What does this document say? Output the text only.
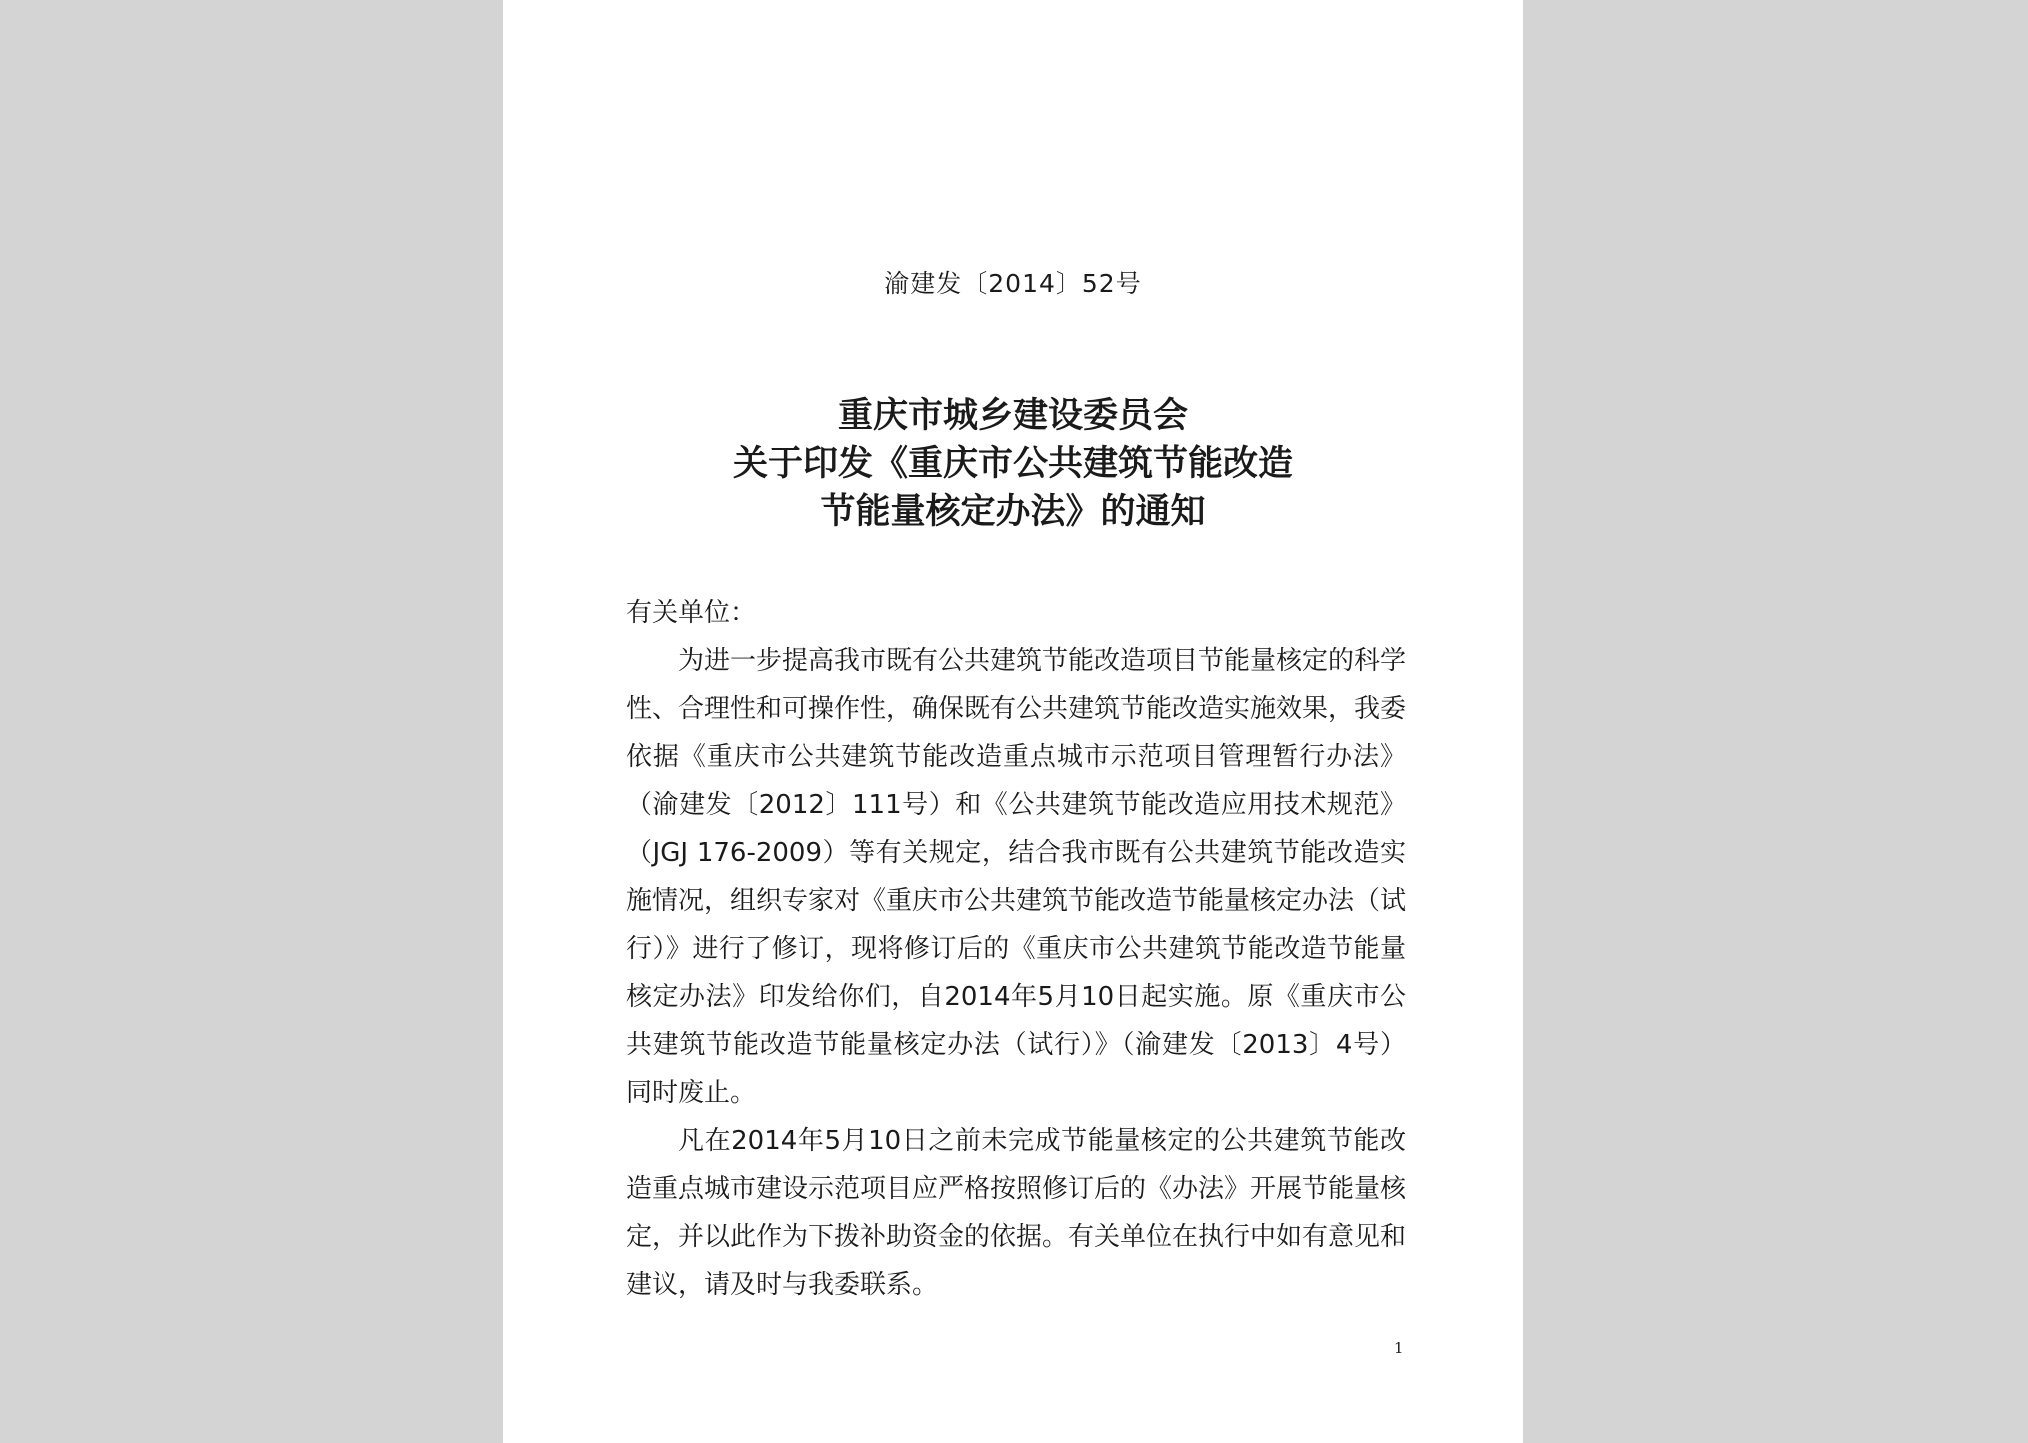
渝建发〔2014〕52号
重庆市城乡建设委员会
关于印发《重庆市公共建筑节能改造
节能量核定办法》的通知
有关单位：
为进一步提高我市既有公共建筑节能改造项目节能量核定的科学性、合理性和可操作性，确保既有公共建筑节能改造实施效果，我委依据《重庆市公共建筑节能改造重点城市示范项目管理暂行办法》（渝建发〔2012〕111号）和《公共建筑节能改造应用技术规范》（JGJ 176-2009）等有关规定，结合我市既有公共建筑节能改造实施情况，组织专家对《重庆市公共建筑节能改造节能量核定办法（试行）》进行了修订，现将修订后的《重庆市公共建筑节能改造节能量核定办法》印发给你们，自2014年5月10日起实施。原《重庆市公共建筑节能改造节能量核定办法（试行）》（渝建发〔2013〕4号）同时废止。
凡在2014年5月10日之前未完成节能量核定的公共建筑节能改造重点城市建设示范项目应严格按照修订后的《办法》开展节能量核定，并以此作为下拨补助资金的依据。有关单位在执行中如有意见和建议，请及时与我委联系。
1
